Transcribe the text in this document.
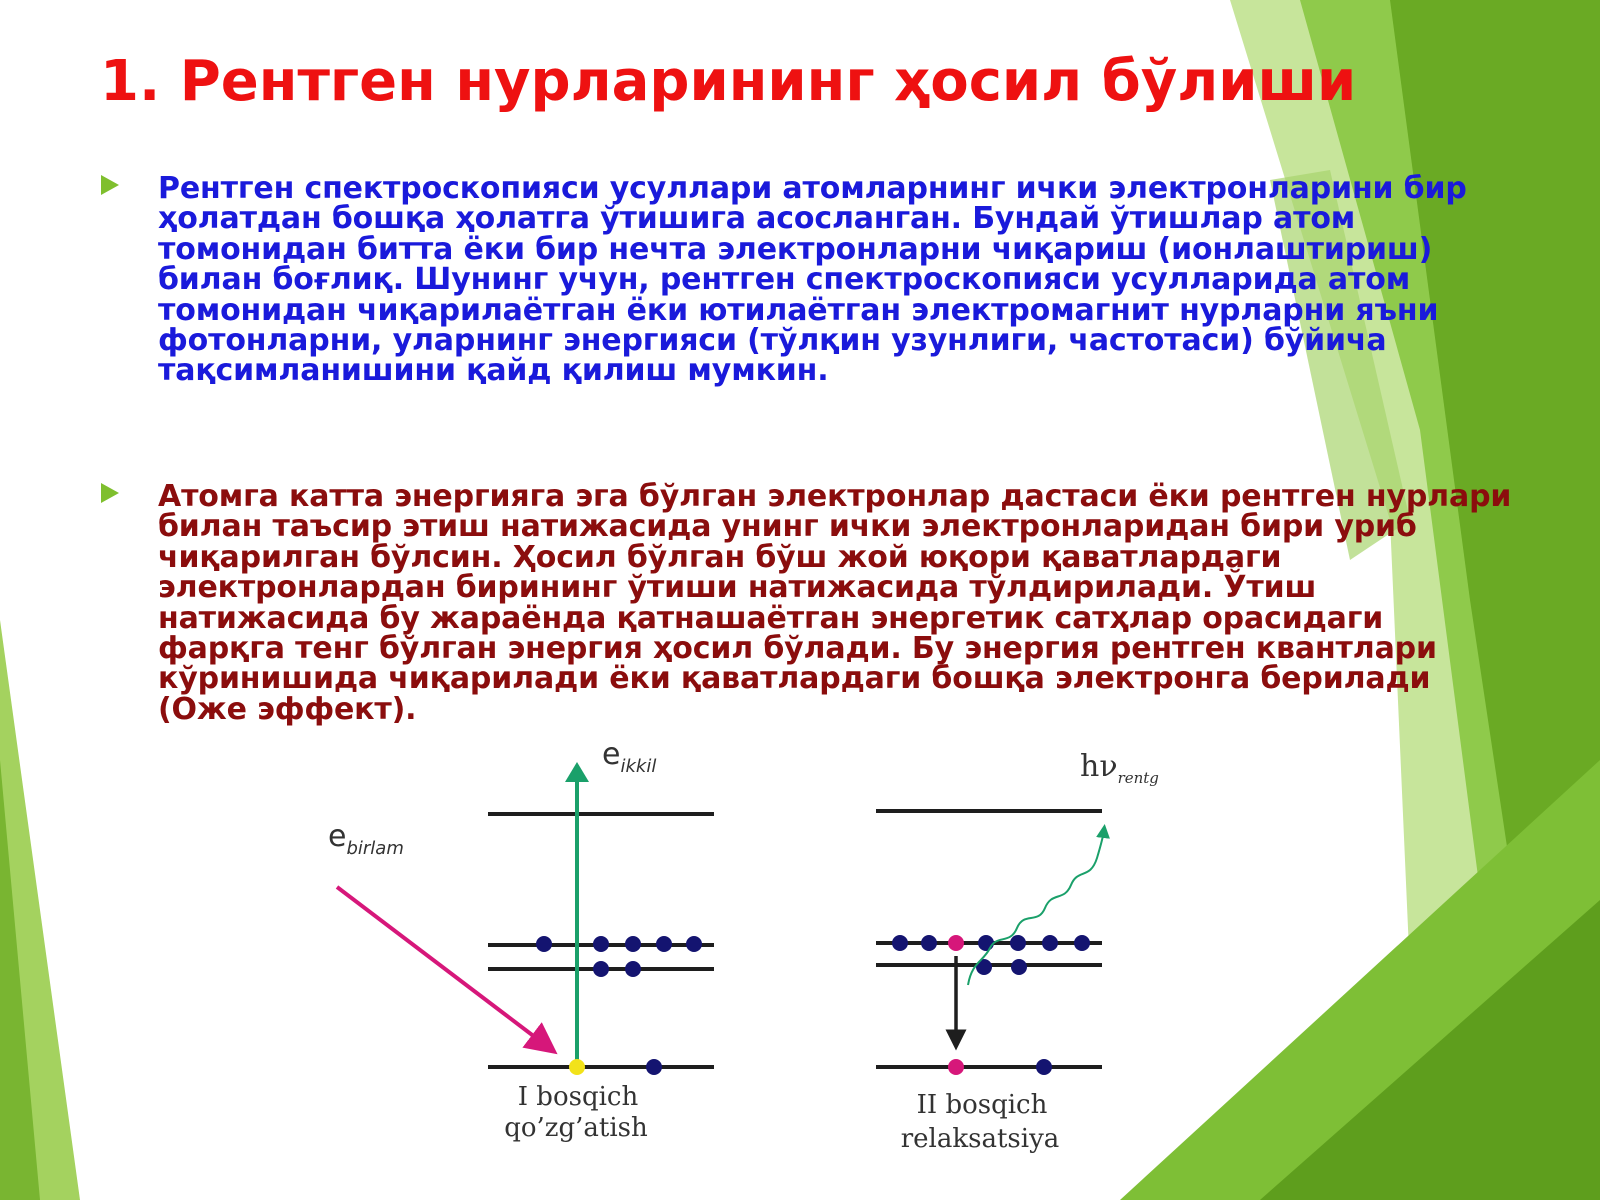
1. Рентген нурларининг ҳосил бўлиши

Рентген спектроскопияси усуллари атомларнинг ички электронларини бир ҳолатдан бошқа ҳолатга ўтишига асосланган. Бундай ўтишлар атом томонидан битта ёки бир нечта электронларни чиқариш (ионлаштириш) билан боғлиқ. Шунинг учун, рентген спектроскопияси усулларида атом томонидан чиқарилаётган ёки ютилаётган электромагнит нурларни яъни фотонларни, уларнинг энергияси (тўлқин узунлиги, частотаси) бўйича тақсимланишини қайд қилиш мумкин.

Атомга катта энергияга эга бўлган электронлар дастаси ёки рентген нурлари билан таъсир этиш натижасида унинг ички электронларидан бири уриб чиқарилган бўлсин. Ҳосил бўлган бўш жой юқори қаватлардаги электронлардан бирининг ўтиши натижасида тўлдирилади. Ўтиш натижасида бу жараёнда қатнашаётган энергетик сатҳлар орасидаги фарқга тенг бўлган энергия ҳосил бўлади. Бу энергия рентген квантлари кўринишида чиқарилади ёки қаватлардаги бошқа электронга берилади (Оже эффект).

$e_{birlam}$
$e_{ikkil}$
I bosqich
qo’zg’atish
$h\nu_{rentg}$
II bosqich
relaksatsiya
